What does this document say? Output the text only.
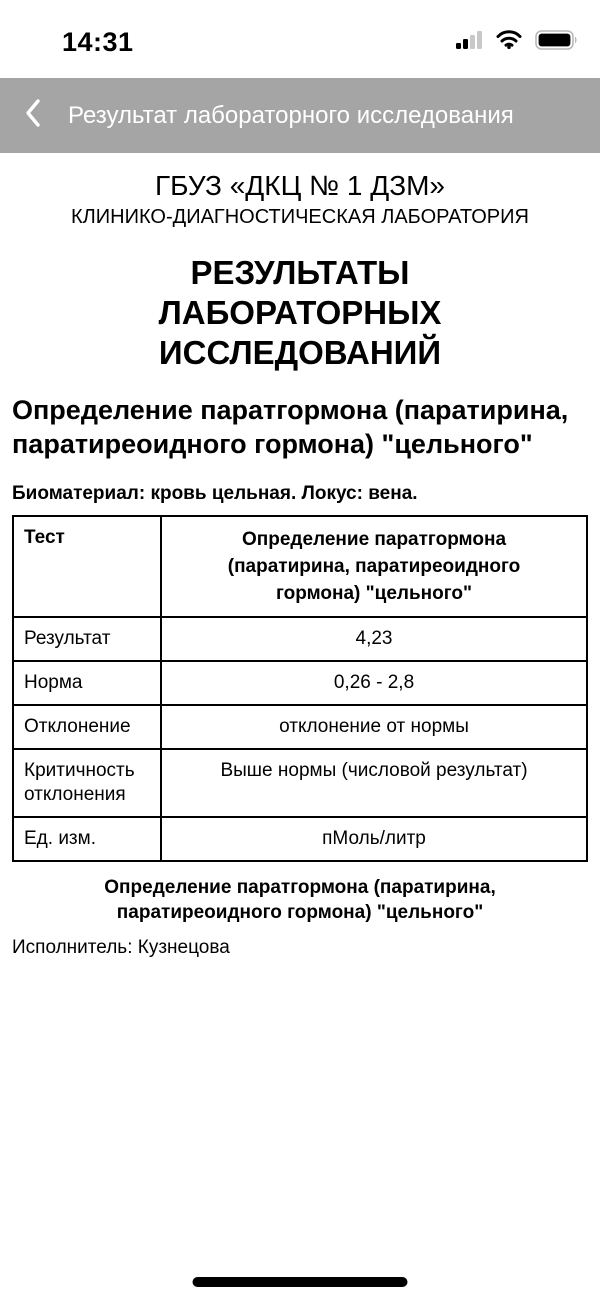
14:31
Результат лабораторного исследования
ГБУЗ «ДКЦ № 1 ДЗМ»
КЛИНИКО-ДИАГНОСТИЧЕСКАЯ ЛАБОРАТОРИЯ
РЕЗУЛЬТАТЫ ЛАБОРАТОРНЫХ ИССЛЕДОВАНИЙ
Определение паратгормона (паратирина, паратиреоидного гормона) "цельного"
Биоматериал: кровь цельная. Локус: вена.
Тест	Определение паратгормона (паратирина, паратиреоидного гормона) "цельного"

Результат	4,23
Норма	0,26 - 2,8
Отклонение	отклонение от нормы
Критичность отклонения	Выше нормы (числовой результат)
Ед. изм.	пМоль/литр
Определение паратгормона (паратирина, паратиреоидного гормона) "цельного"
Исполнитель: Кузнецова
